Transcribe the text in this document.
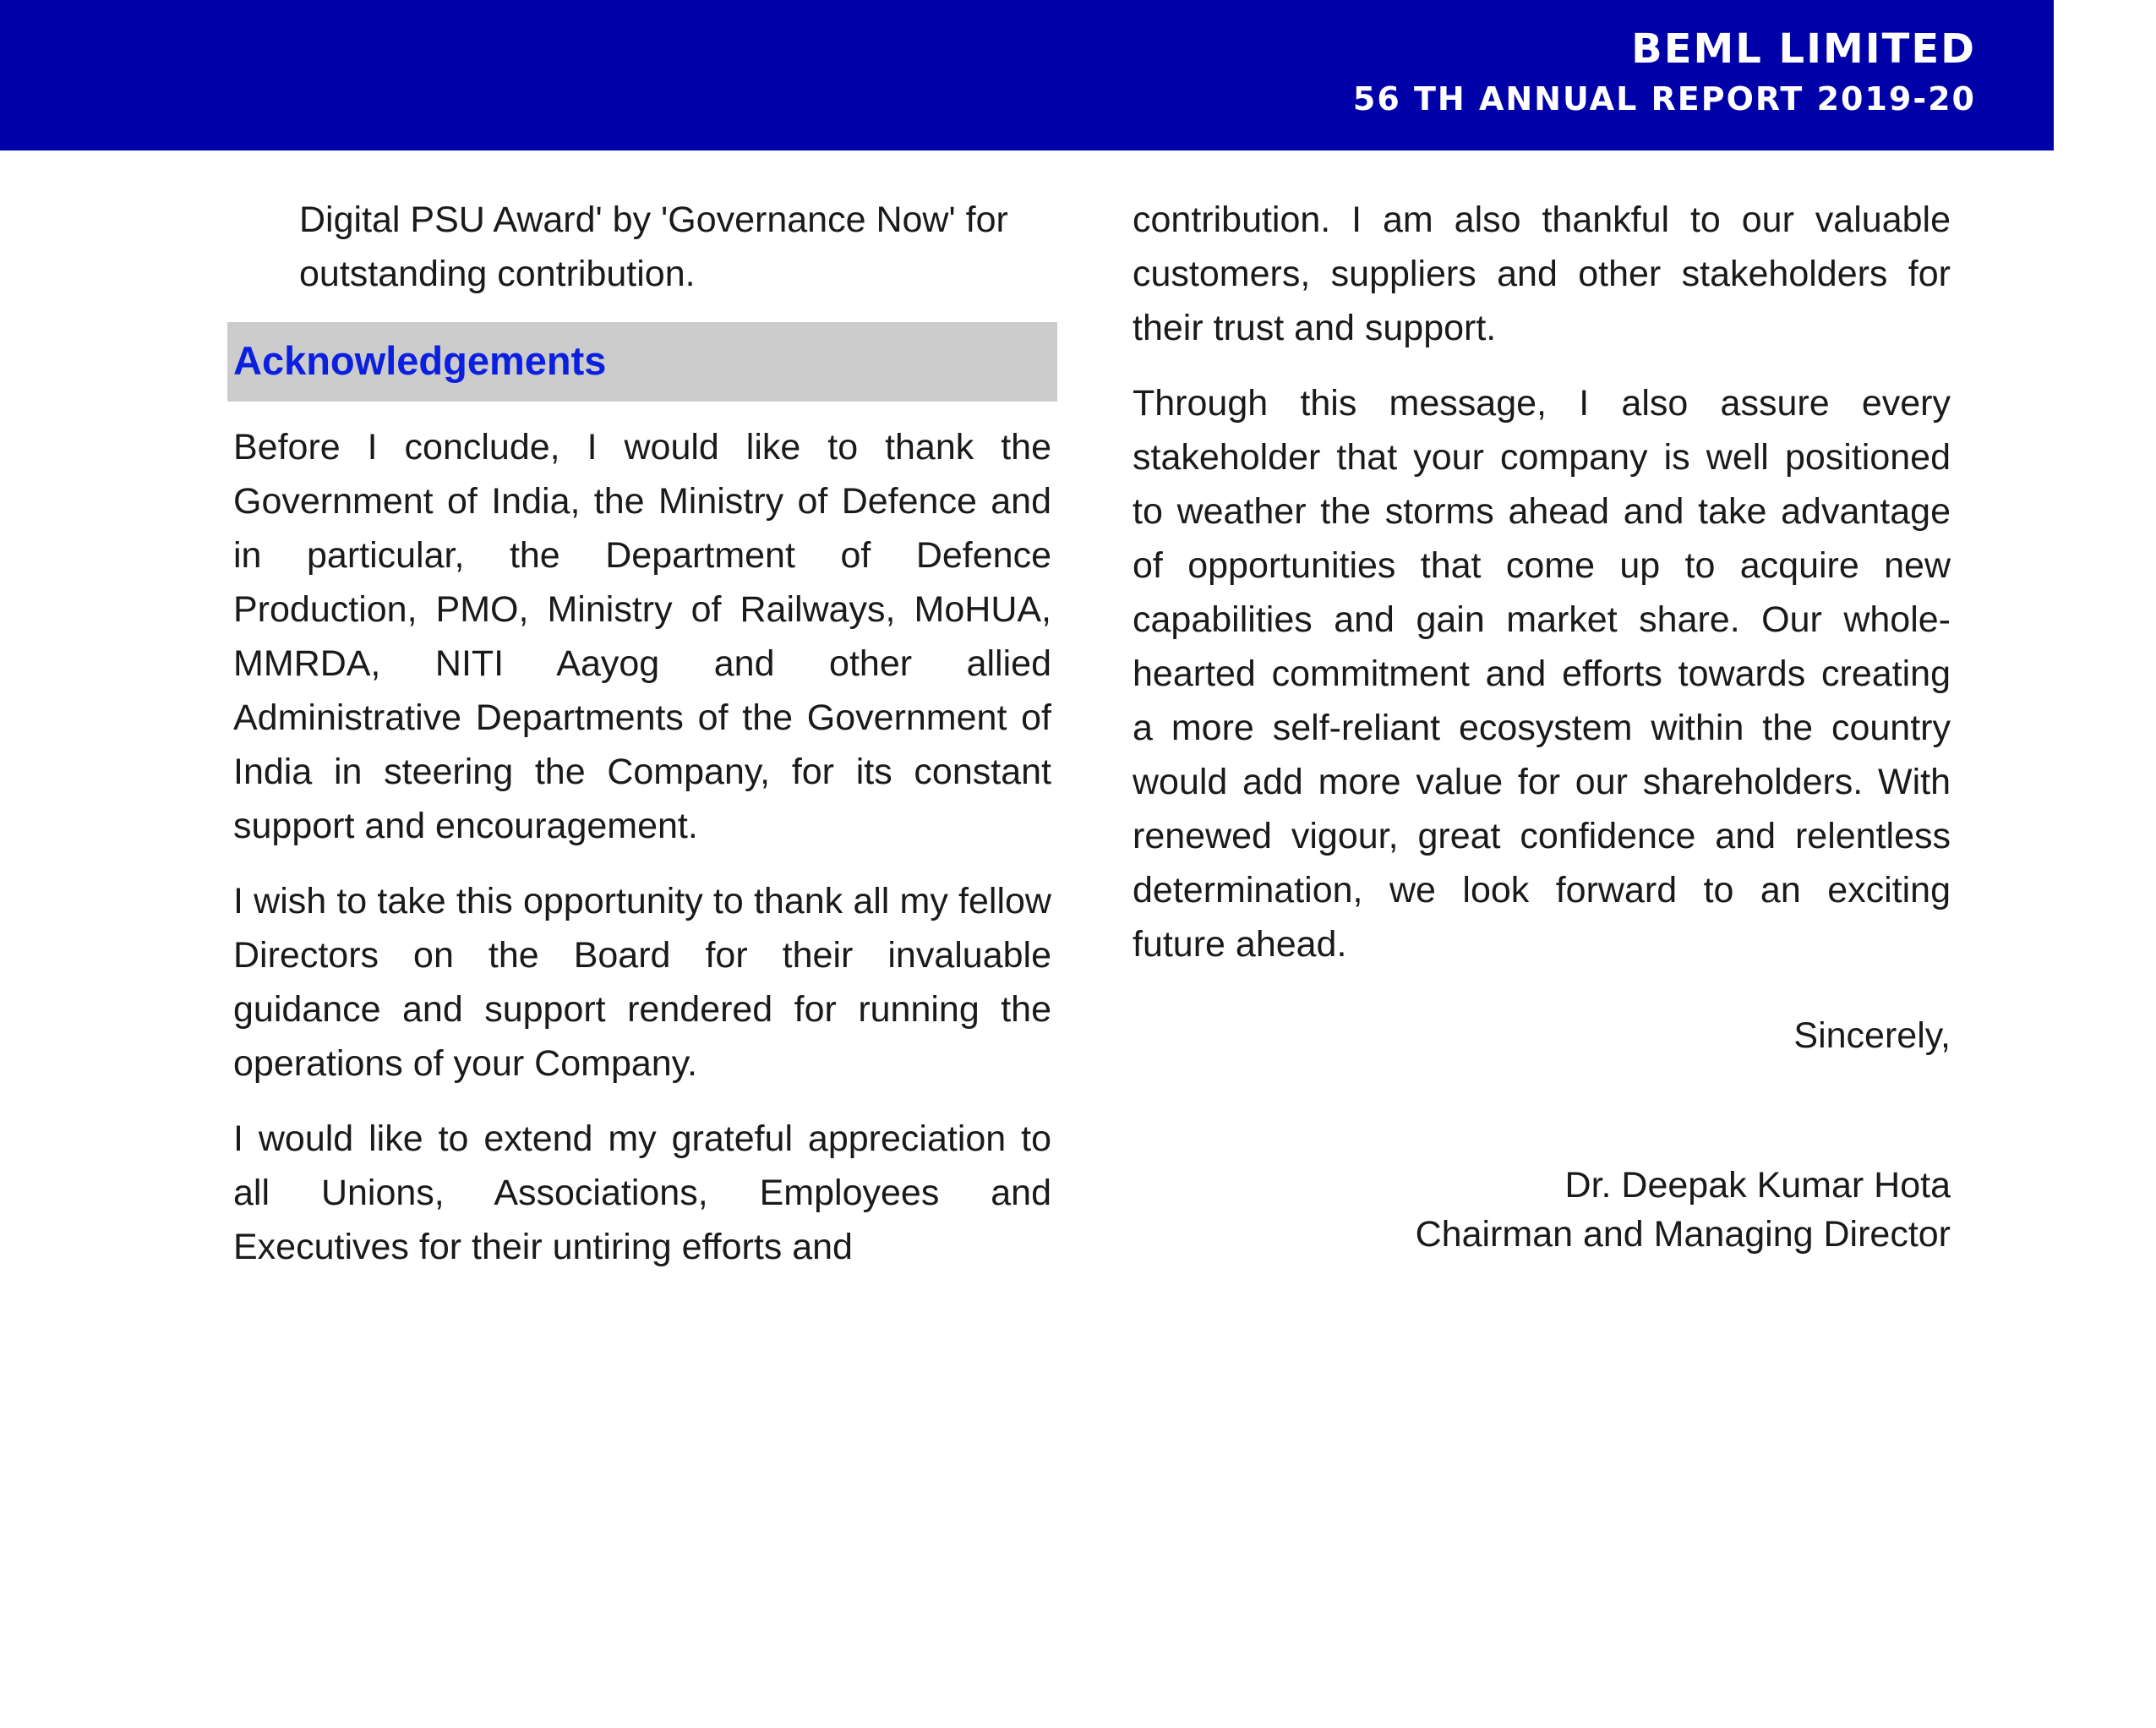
BEML LIMITED
56 TH ANNUAL REPORT 2019-20

Digital PSU Award' by 'Governance Now' for outstanding contribution.

Acknowledgements

Before I conclude, I would like to thank the Government of India, the Ministry of Defence and in particular, the Department of Defence Production, PMO, Ministry of Railways, MoHUA, MMRDA, NITI Aayog and other allied Administrative Departments of the Government of India in steering the Company, for its constant support and encouragement.

I wish to take this opportunity to thank all my fellow Directors on the Board for their invaluable guidance and support rendered for running the operations of your Company.

I would like to extend my grateful appreciation to all Unions, Associations, Employees and Executives for their untiring efforts and

contribution. I am also thankful to our valuable customers, suppliers and other stakeholders for their trust and support.

Through this message, I also assure every stakeholder that your company is well positioned to weather the storms ahead and take advantage of opportunities that come up to acquire new capabilities and gain market share. Our whole-hearted commitment and efforts towards creating a more self-reliant ecosystem within the country would add more value for our shareholders. With renewed vigour, great confidence and relentless determination, we look forward to an exciting future ahead.

Sincerely,
Dr. Deepak Kumar Hota
Chairman and Managing Director
